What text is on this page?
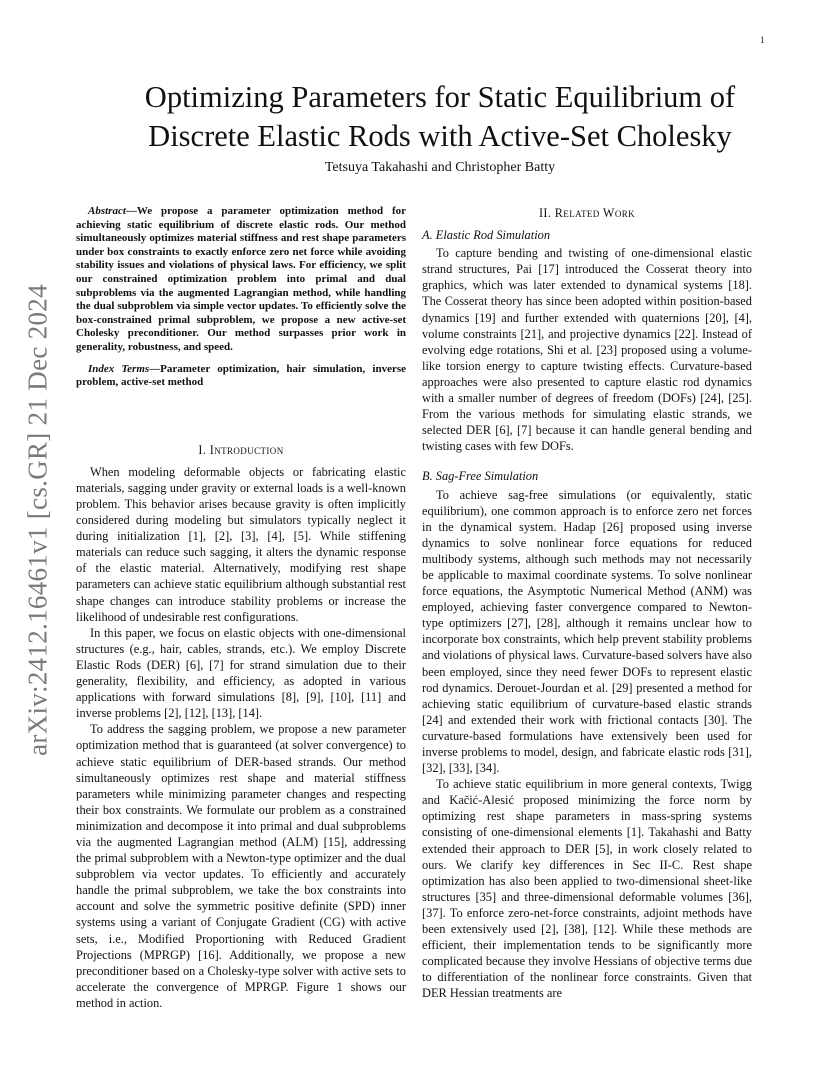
1
arXiv:2412.16461v1 [cs.GR] 21 Dec 2024
Optimizing Parameters for Static Equilibrium of
Discrete Elastic Rods with Active-Set Cholesky
Tetsuya Takahashi and Christopher Batty

Abstract—We propose a parameter optimization method for achieving static equilibrium of discrete elastic rods. Our method simultaneously optimizes material stiffness and rest shape parameters under box constraints to exactly enforce zero net force while avoiding stability issues and violations of physical laws. For efficiency, we split our constrained optimization problem into primal and dual subproblems via the augmented Lagrangian method, while handling the dual subproblem via simple vector updates. To efficiently solve the box-constrained primal subproblem, we propose a new active-set Cholesky preconditioner. Our method surpasses prior work in generality, robustness, and speed.

Index Terms—Parameter optimization, hair simulation, inverse problem, active-set method

I. Introduction

When modeling deformable objects or fabricating elastic materials, sagging under gravity or external loads is a well-known problem. This behavior arises because gravity is often implicitly considered during modeling but simulators typically neglect it during initialization [1], [2], [3], [4], [5]. While stiffening materials can reduce such sagging, it alters the dynamic response of the elastic material. Alternatively, modifying rest shape parameters can achieve static equilibrium although substantial rest shape changes can introduce stability problems or increase the likelihood of undesirable rest configurations.

In this paper, we focus on elastic objects with one-dimensional structures (e.g., hair, cables, strands, etc.). We employ Discrete Elastic Rods (DER) [6], [7] for strand simulation due to their generality, flexibility, and efficiency, as adopted in various applications with forward simulations [8], [9], [10], [11] and inverse problems [2], [12], [13], [14].

To address the sagging problem, we propose a new parameter optimization method that is guaranteed (at solver convergence) to achieve static equilibrium of DER-based strands. Our method simultaneously optimizes rest shape and material stiffness parameters while minimizing parameter changes and respecting their box constraints. We formulate our problem as a constrained minimization and decompose it into primal and dual subproblems via the augmented Lagrangian method (ALM) [15], addressing the primal subproblem with a Newton-type optimizer and the dual subproblem via vector updates. To efficiently and accurately handle the primal subproblem, we take the box constraints into account and solve the symmetric positive definite (SPD) inner systems using a variant of Conjugate Gradient (CG) with active sets, i.e., Modified Proportioning with Reduced Gradient Projections (MPRGP) [16]. Additionally, we propose a new preconditioner based on a Cholesky-type solver with active sets to accelerate the convergence of MPRGP. Figure 1 shows our method in action.

II. Related Work
A. Elastic Rod Simulation

To capture bending and twisting of one-dimensional elastic strand structures, Pai [17] introduced the Cosserat theory into graphics, which was later extended to dynamical systems [18]. The Cosserat theory has since been adopted within position-based dynamics [19] and further extended with quaternions [20], [4], volume constraints [21], and projective dynamics [22]. Instead of evolving edge rotations, Shi et al. [23] proposed using a volume-like torsion energy to capture twisting effects. Curvature-based approaches were also presented to capture elastic rod dynamics with a smaller number of degrees of freedom (DOFs) [24], [25]. From the various methods for simulating elastic strands, we selected DER [6], [7] because it can handle general bending and twisting cases with few DOFs.

B. Sag-Free Simulation

To achieve sag-free simulations (or equivalently, static equilibrium), one common approach is to enforce zero net forces in the dynamical system. Hadap [26] proposed using inverse dynamics to solve nonlinear force equations for reduced multibody systems, although such methods may not necessarily be applicable to maximal coordinate systems. To solve nonlinear force equations, the Asymptotic Numerical Method (ANM) was employed, achieving faster convergence compared to Newton-type optimizers [27], [28], although it remains unclear how to incorporate box constraints, which help prevent stability problems and violations of physical laws. Curvature-based solvers have also been employed, since they need fewer DOFs to represent elastic rod dynamics. Derouet-Jourdan et al. [29] presented a method for achieving static equilibrium of curvature-based elastic strands [24] and extended their work with frictional contacts [30]. The curvature-based formulations have extensively been used for inverse problems to model, design, and fabricate elastic rods [31], [32], [33], [34].

To achieve static equilibrium in more general contexts, Twigg and Kačić-Alesić proposed minimizing the force norm by optimizing rest shape parameters in mass-spring systems consisting of one-dimensional elements [1]. Takahashi and Batty extended their approach to DER [5], in work closely related to ours. We clarify key differences in Sec II-C. Rest shape optimization has also been applied to two-dimensional sheet-like structures [35] and three-dimensional deformable volumes [36], [37]. To enforce zero-net-force constraints, adjoint methods have been extensively used [2], [38], [12]. While these methods are efficient, their implementation tends to be significantly more complicated because they involve Hessians of objective terms due to differentiation of the nonlinear force constraints. Given that DER Hessian treatments are
